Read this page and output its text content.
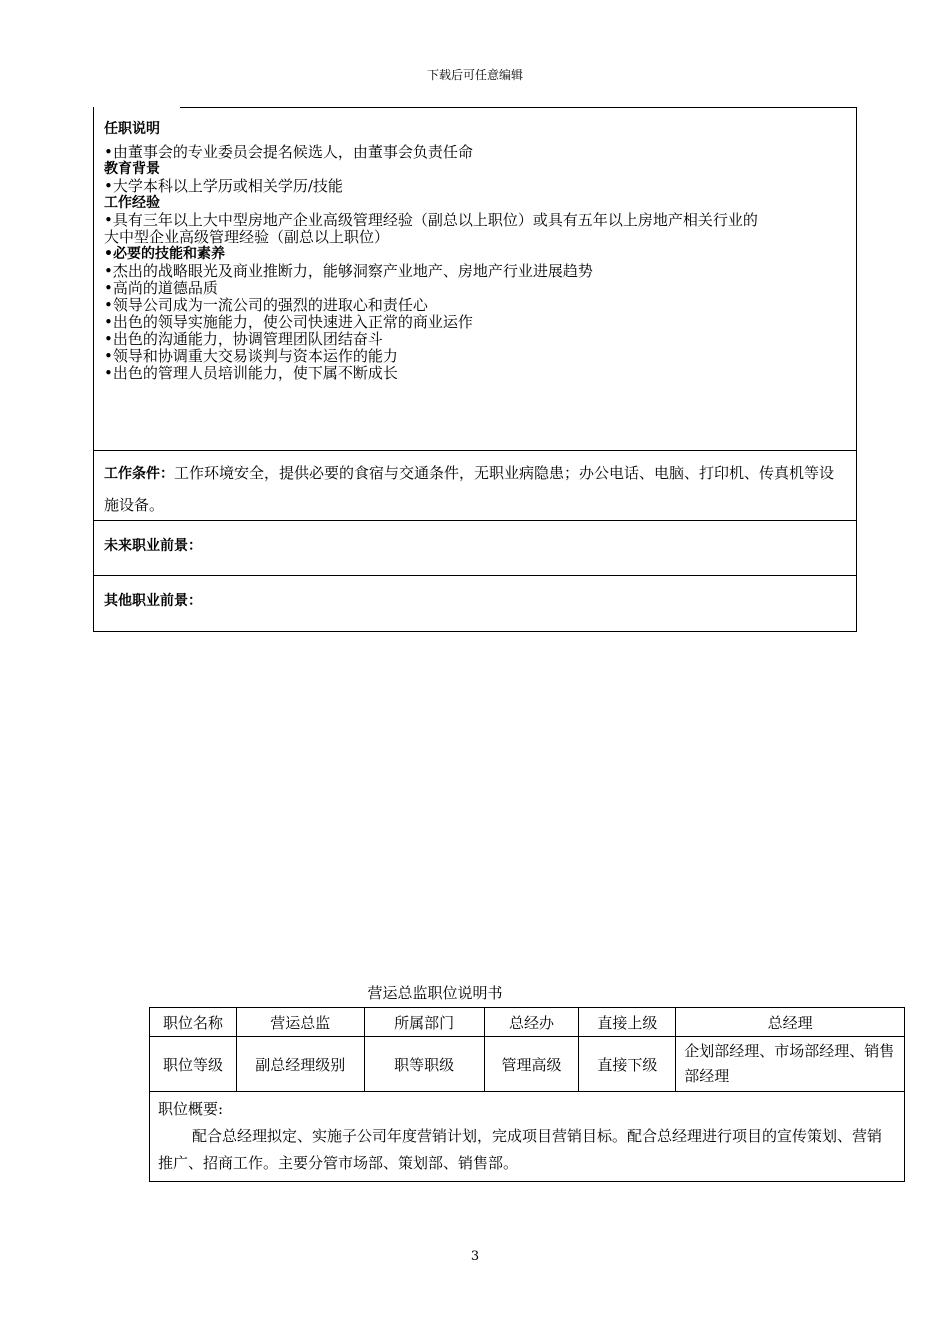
下载后可任意编辑
任职说明
•由董事会的专业委员会提名候选人，由董事会负责任命
教育背景
•大学本科以上学历或相关学历/技能
工作经验
•具有三年以上大中型房地产企业高级管理经验（副总以上职位）或具有五年以上房地产相关行业的
大中型企业高级管理经验（副总以上职位）
•必要的技能和素养
•杰出的战略眼光及商业推断力，能够洞察产业地产、房地产行业进展趋势
•高尚的道德品质
•领导公司成为一流公司的强烈的进取心和责任心
•出色的领导实施能力，使公司快速进入正常的商业运作
•出色的沟通能力，协调管理团队团结奋斗
•领导和协调重大交易谈判与资本运作的能力
•出色的管理人员培训能力，使下属不断成长
工作条件：工作环境安全，提供必要的食宿与交通条件，无职业病隐患；办公电话、电脑、打印机、传真机等设施设备。
未来职业前景：
其他职业前景：
营运总监职位说明书
职位名称	营运总监	所属部门	总经办	直接上级	总经理
职位等级	副总经理级别	职等职级	管理高级	直接下级	企划部经理、市场部经理、销售部经理

职位概要:
配合总经理拟定、实施子公司年度营销计划，完成项目营销目标。配合总经理进行项目的宣传策划、营销推广、招商工作。主要分管市场部、策划部、销售部。					
3
